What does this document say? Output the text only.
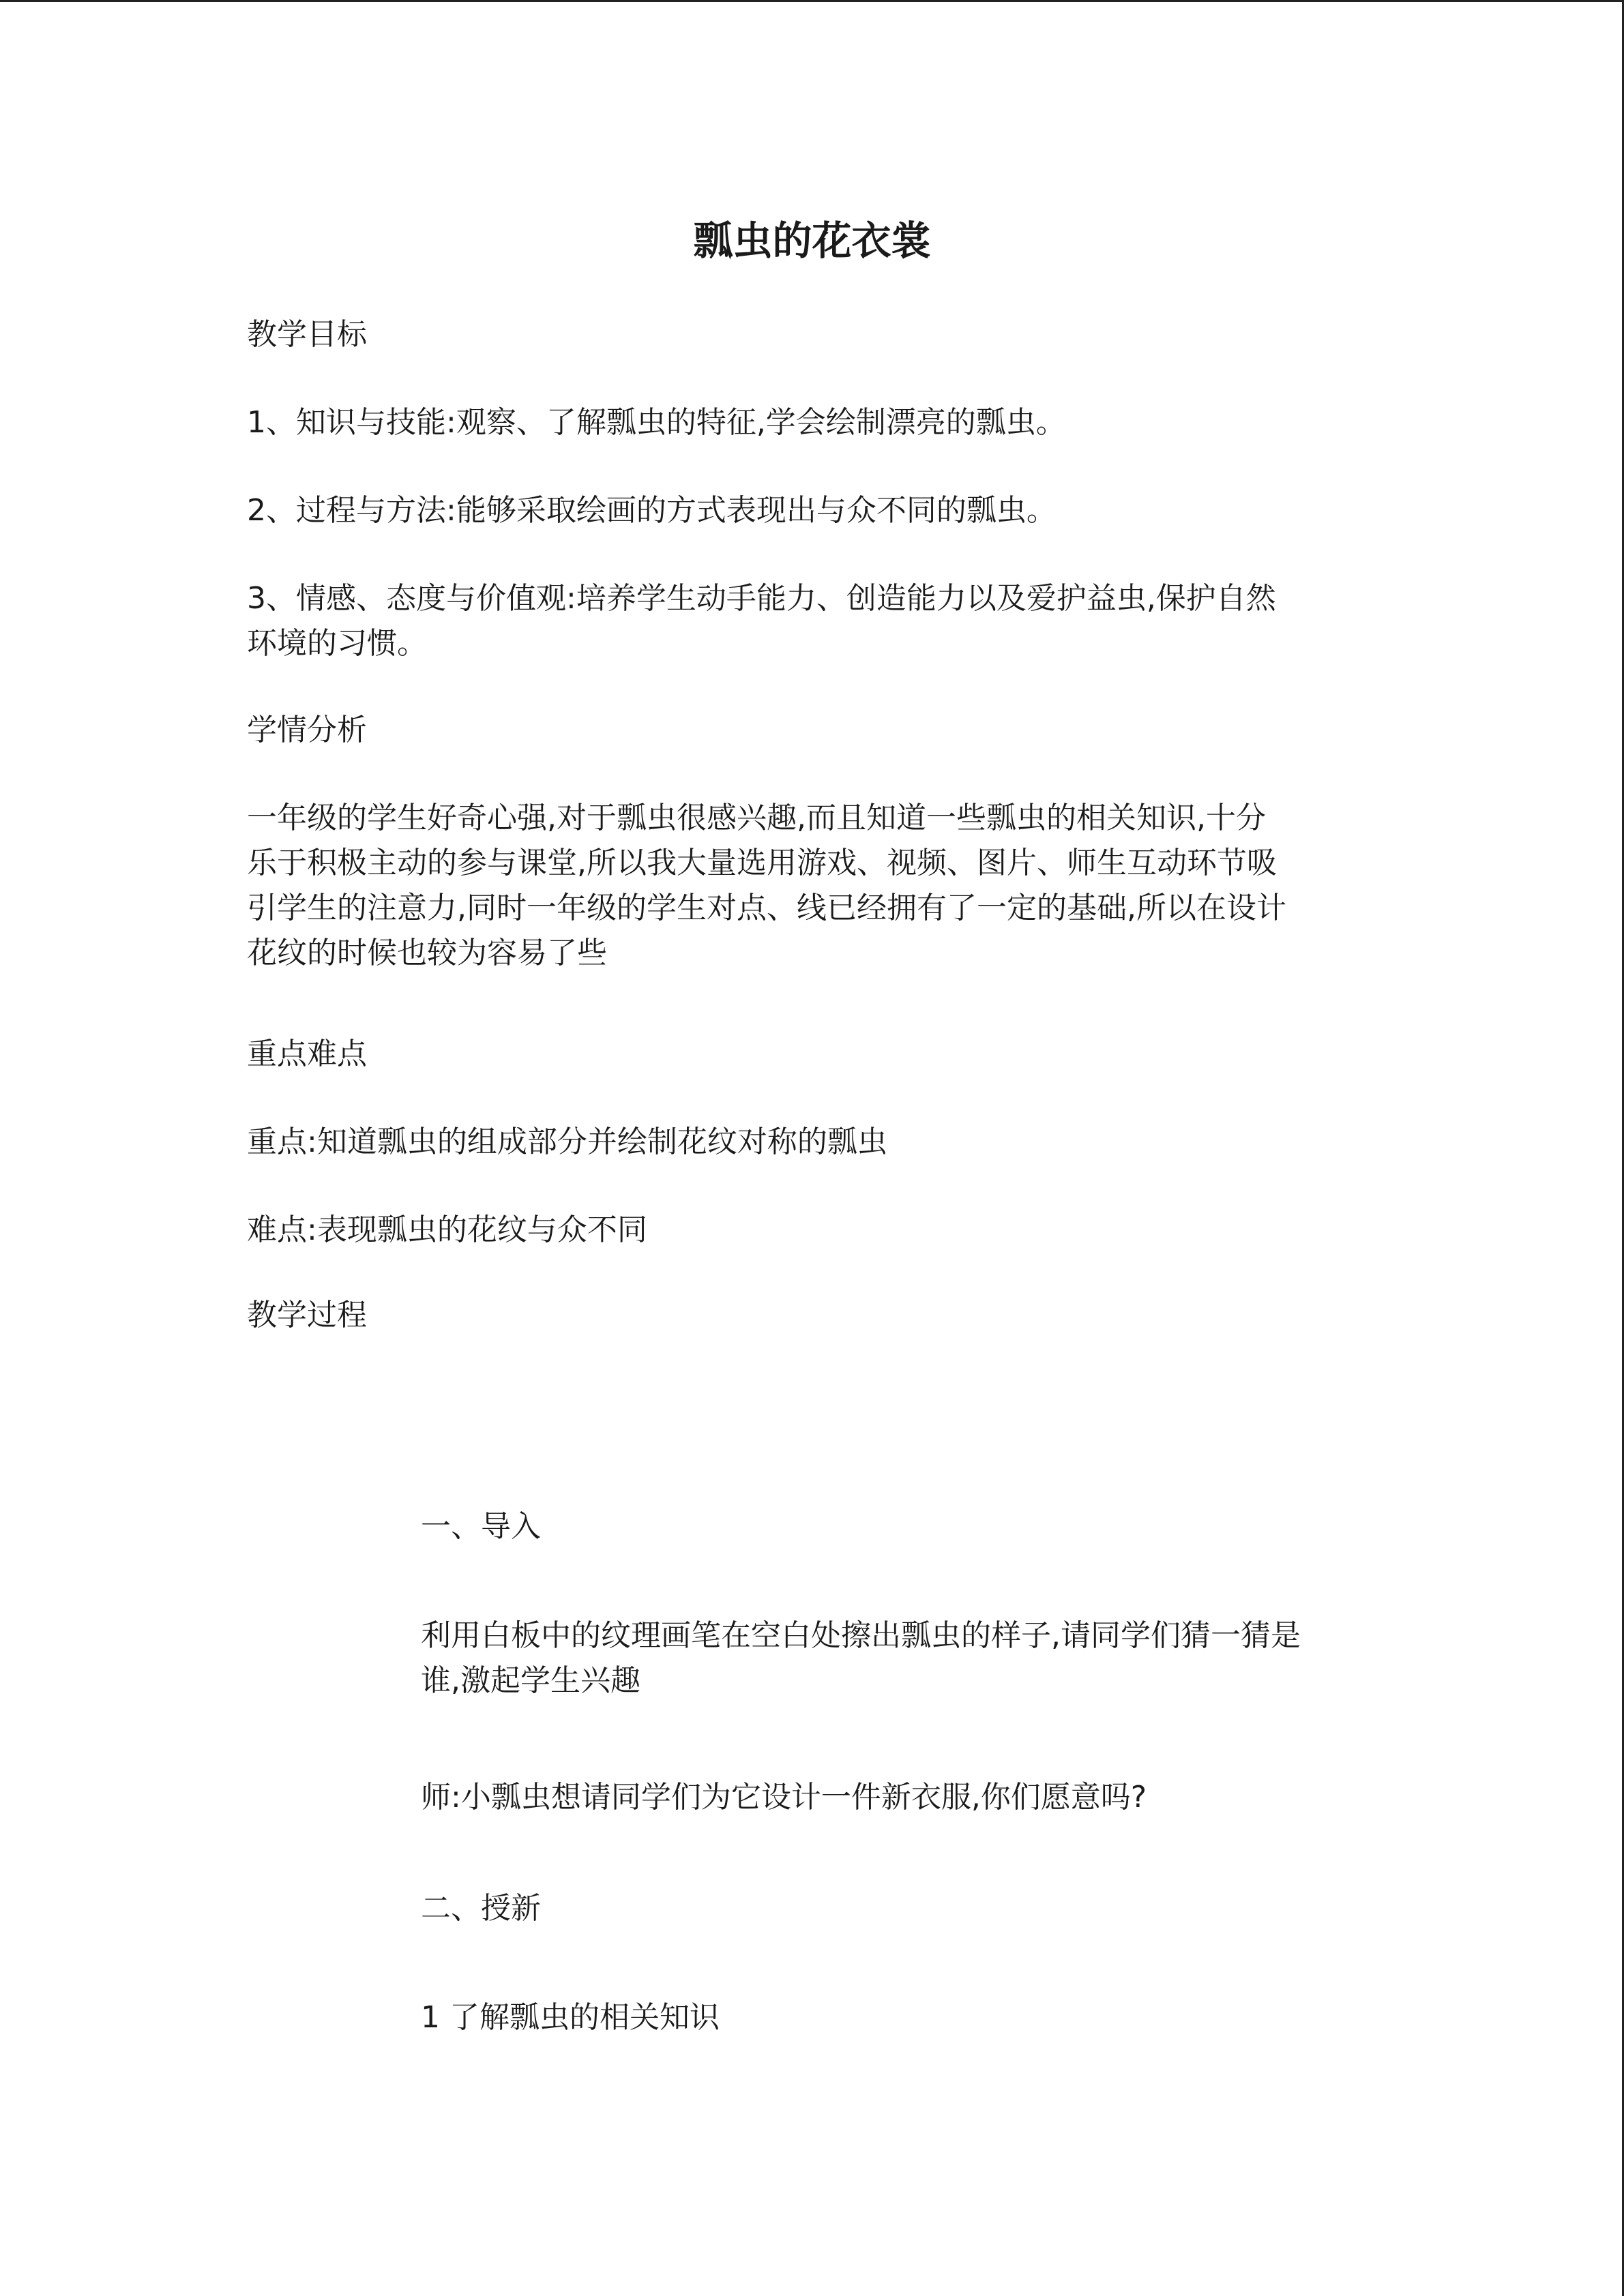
瓢虫的花衣裳

教学目标

1、知识与技能:观察、了解瓢虫的特征,学会绘制漂亮的瓢虫。

2、过程与方法:能够采取绘画的方式表现出与众不同的瓢虫。

3、情感、态度与价值观:培养学生动手能力、创造能力以及爱护益虫,保护自然
环境的习惯。

学情分析

一年级的学生好奇心强,对于瓢虫很感兴趣,而且知道一些瓢虫的相关知识,十分
乐于积极主动的参与课堂,所以我大量选用游戏、视频、图片、师生互动环节吸
引学生的注意力,同时一年级的学生对点、线已经拥有了一定的基础,所以在设计
花纹的时候也较为容易了些

重点难点

重点:知道瓢虫的组成部分并绘制花纹对称的瓢虫

难点:表现瓢虫的花纹与众不同

教学过程

一、导入

利用白板中的纹理画笔在空白处擦出瓢虫的样子,请同学们猜一猜是
谁,激起学生兴趣

师:小瓢虫想请同学们为它设计一件新衣服,你们愿意吗?

二、授新

1 了解瓢虫的相关知识
